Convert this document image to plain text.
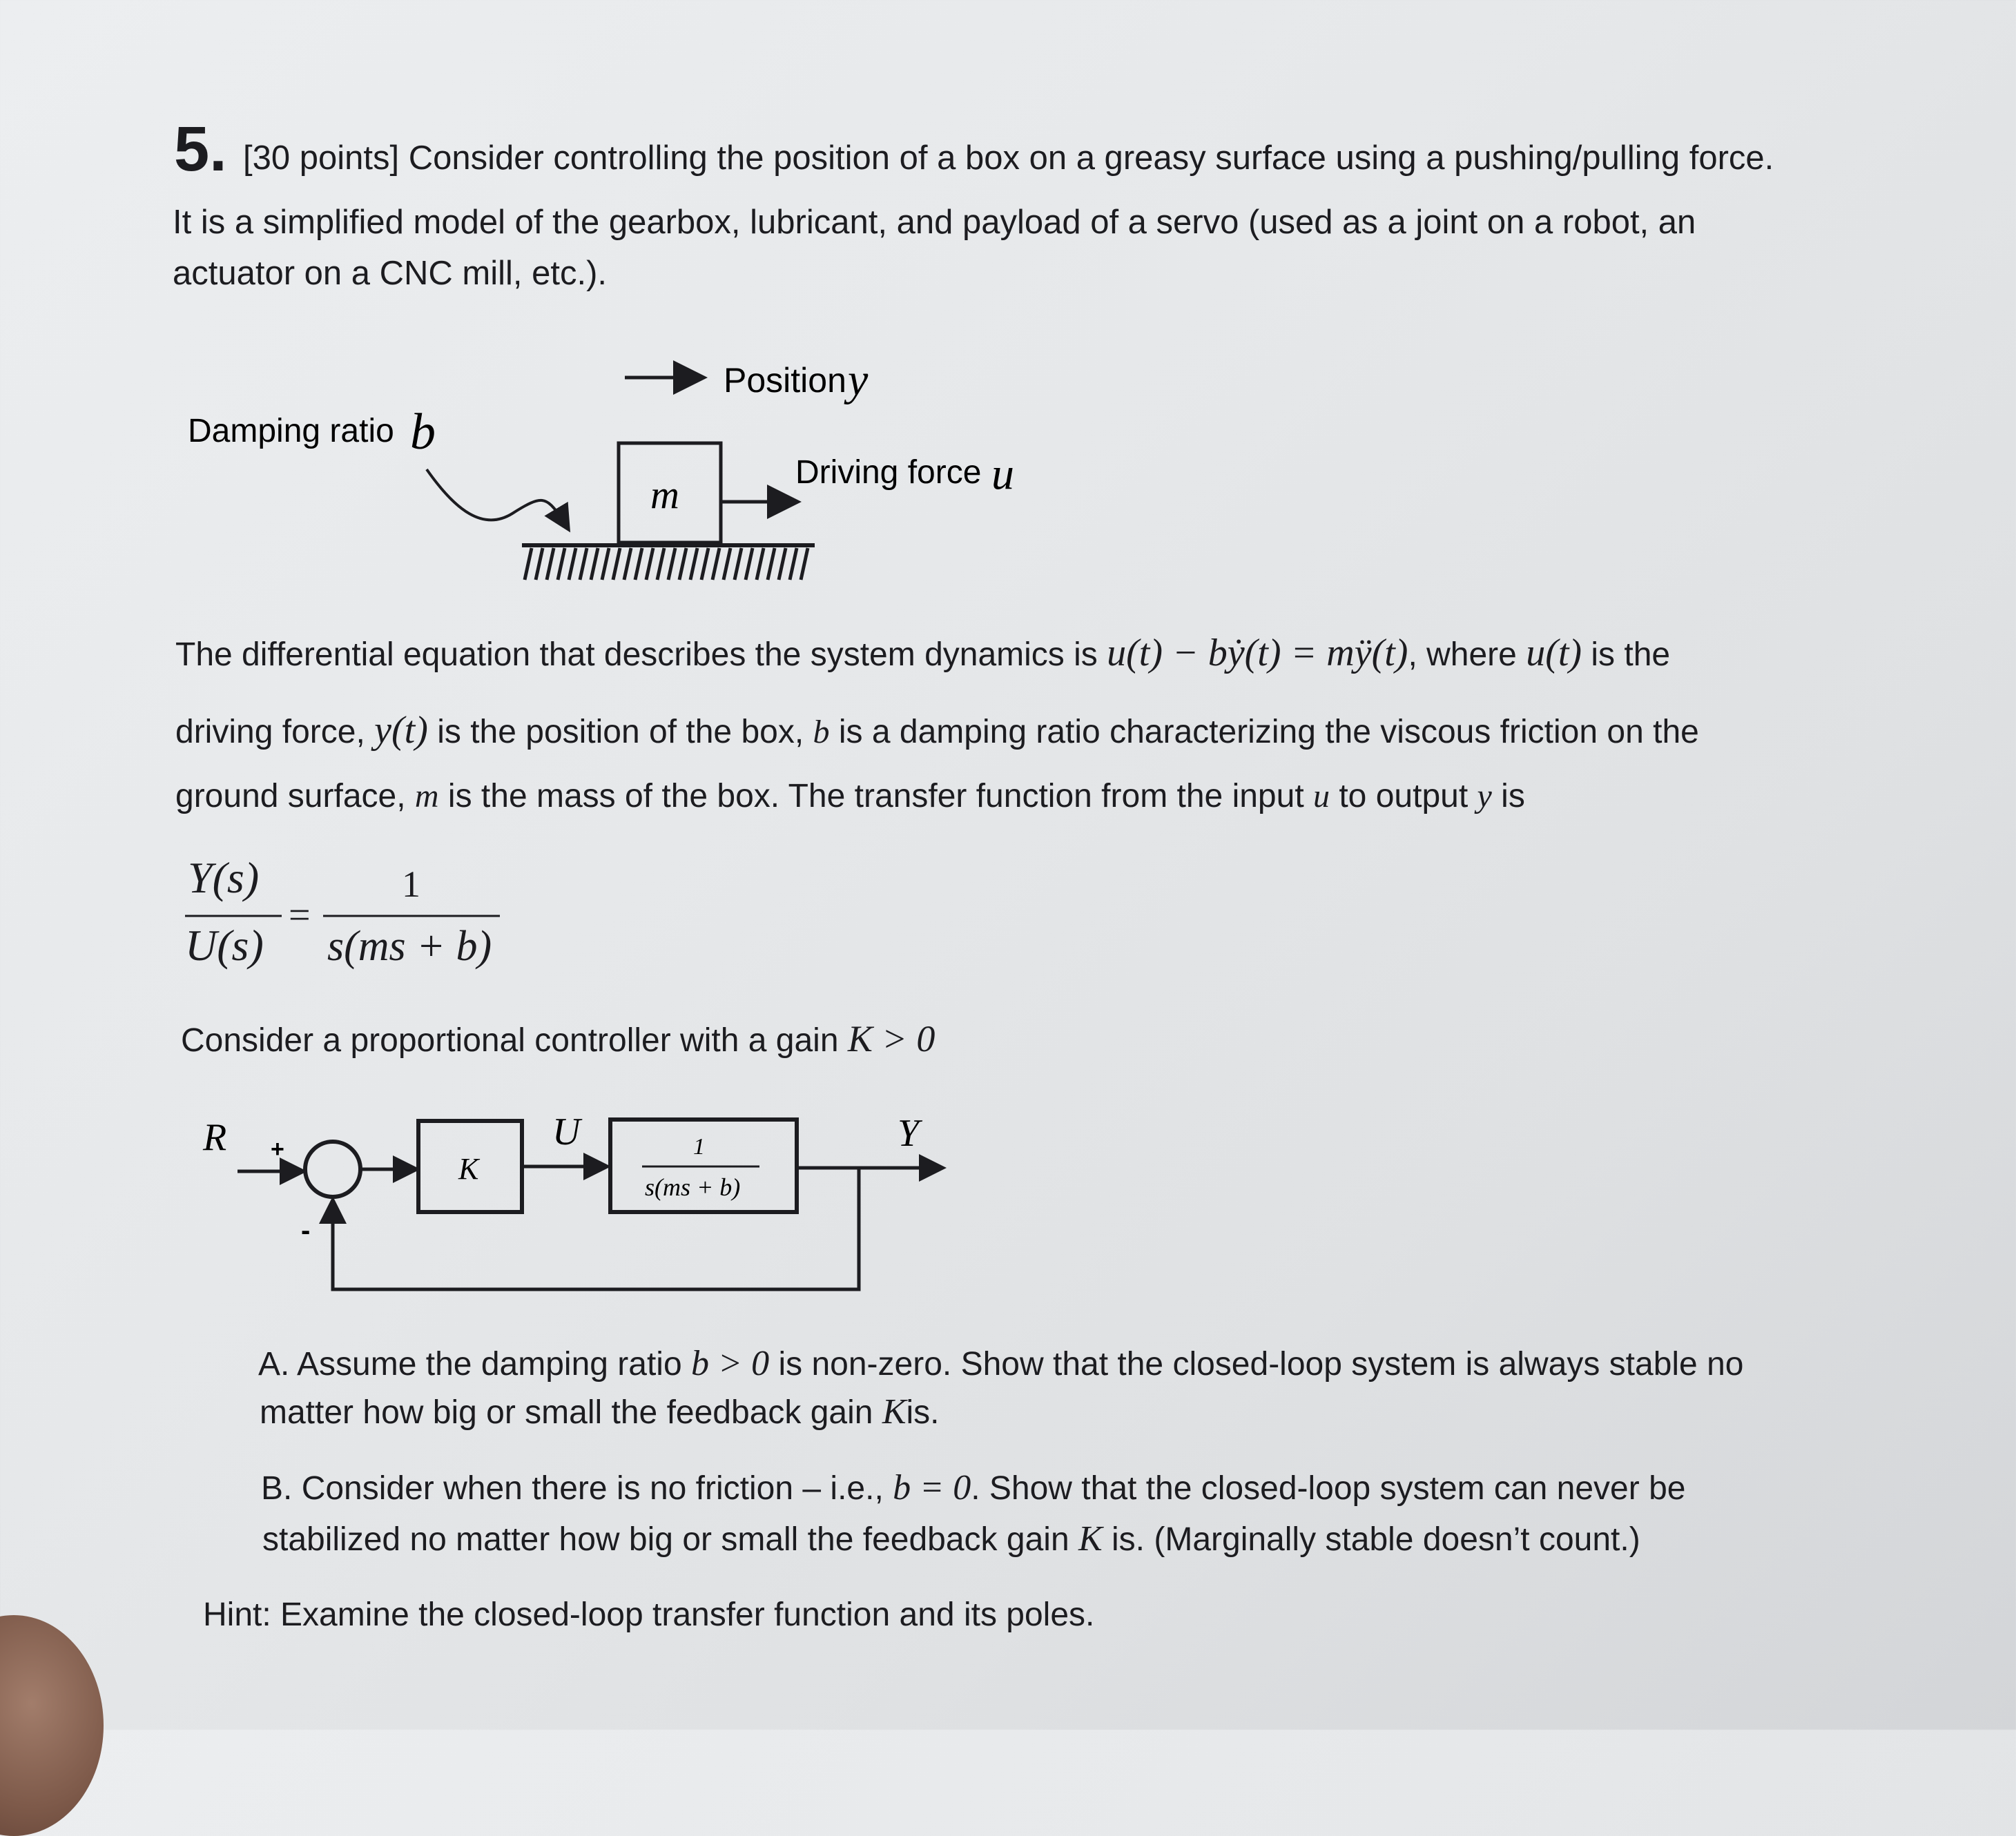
5. [30 points] Consider controlling the position of a box on a greasy surface using a pushing/pulling force.
It is a simplified model of the gearbox, lubricant, and payload of a servo (used as a joint on a robot, an
actuator on a CNC mill, etc.).
Position y
Damping ratio b
m	Driving force u
R +
-
K
U	1
s(ms + b)
Y
The differential equation that describes the system dynamics is u(t) − bẏ(t) = mÿ(t), where u(t) is the
driving force, y(t) is the position of the box, b is a damping ratio characterizing the viscous friction on the
ground surface, m is the mass of the box. The transfer function from the input u to output y is
Y(s)
U(s)
=
1
s(ms + b)
Consider a proportional controller with a gain K > 0
A. Assume the damping ratio b > 0 is non-zero. Show that the closed-loop system is always stable no
matter how big or small the feedback gain Kis.
B. Consider when there is no friction – i.e., b = 0. Show that the closed-loop system can never be
stabilized no matter how big or small the feedback gain K is. (Marginally stable doesn’t count.)
Hint: Examine the closed-loop transfer function and its poles.
